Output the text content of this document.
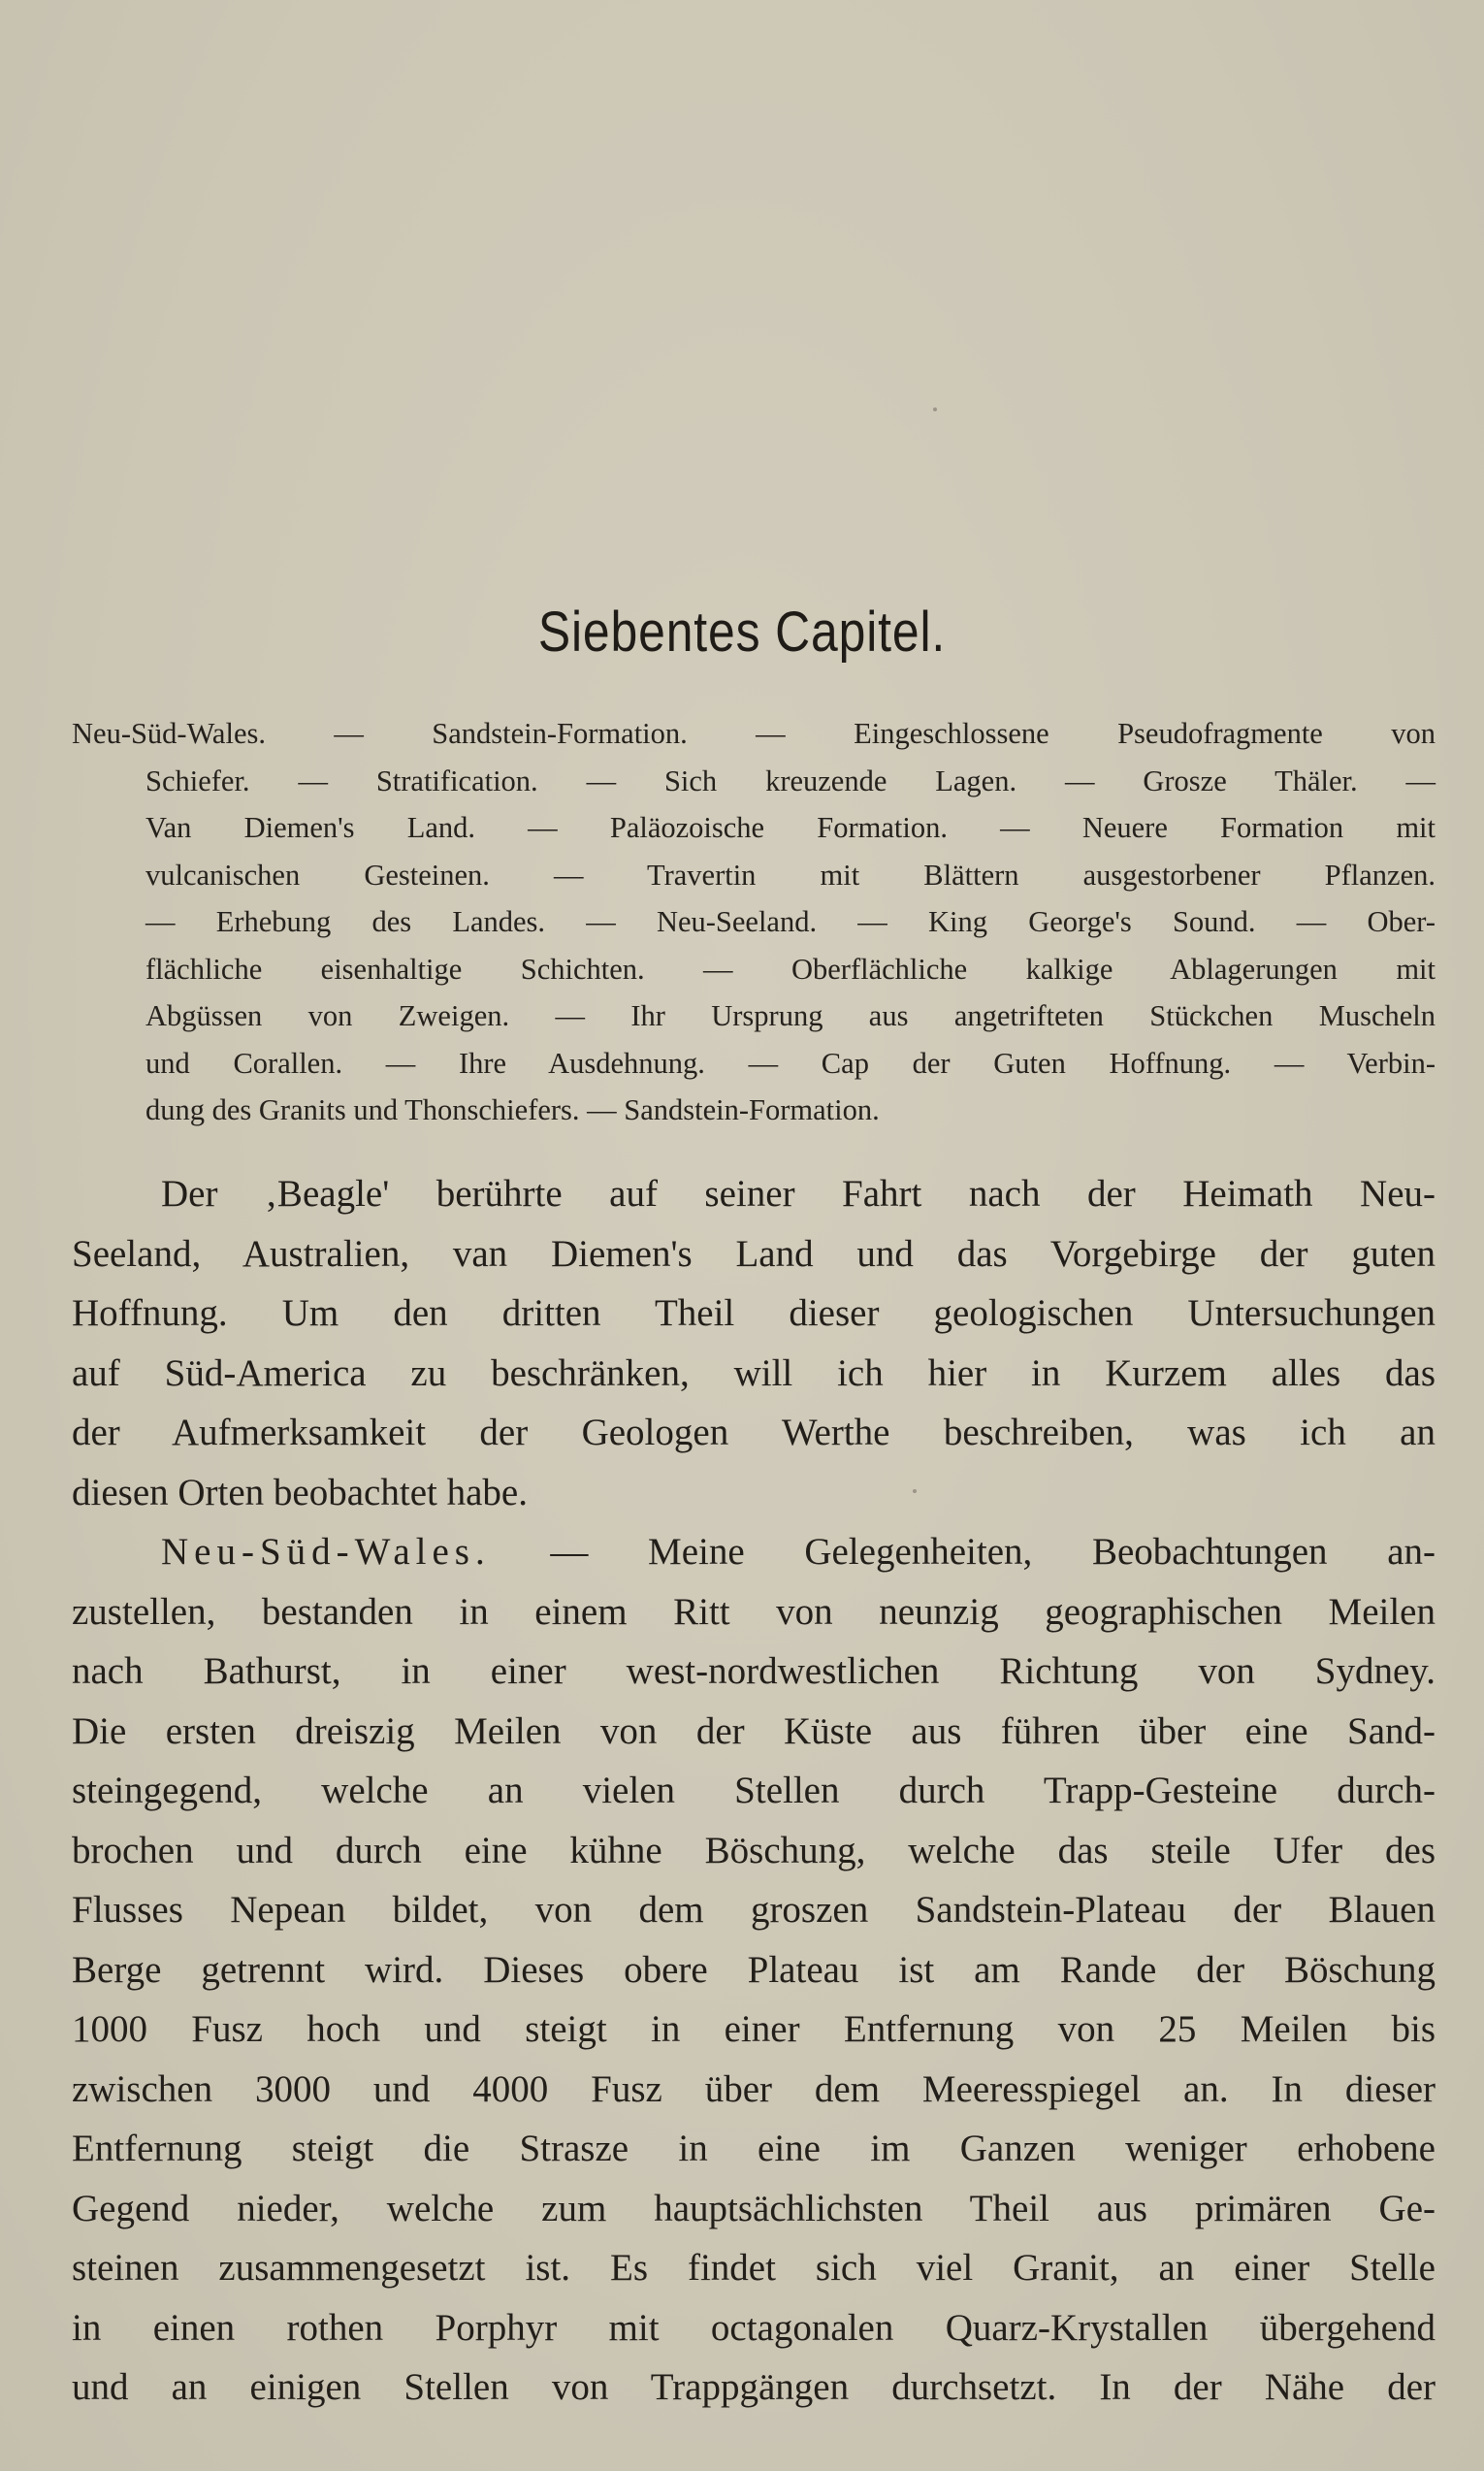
Siebentes Capitel.
Neu-Süd-Wales. — Sandstein-Formation. — Eingeschlossene Pseudofragmente von
Schiefer. — Stratification. — Sich kreuzende Lagen. — Grosze Thäler. —
Van Diemen's Land. — Paläozoische Formation. — Neuere Formation mit
vulcanischen Gesteinen. — Travertin mit Blättern ausgestorbener Pflanzen.
— Erhebung des Landes. — Neu-Seeland. — King George's Sound. — Ober-
flächliche eisenhaltige Schichten. — Oberflächliche kalkige Ablagerungen mit
Abgüssen von Zweigen. — Ihr Ursprung aus angetrifteten Stückchen Muscheln
und Corallen. — Ihre Ausdehnung. — Cap der Guten Hoffnung. — Verbin-
dung des Granits und Thonschiefers. — Sandstein-Formation.
Der ‚Beagle' berührte auf seiner Fahrt nach der Heimath Neu-
Seeland, Australien, van Diemen's Land und das Vorgebirge der guten
Hoffnung. Um den dritten Theil dieser geologischen Untersuchungen
auf Süd-America zu beschränken, will ich hier in Kurzem alles das
der Aufmerksamkeit der Geologen Werthe beschreiben, was ich an
diesen Orten beobachtet habe.
Neu-Süd-Wales. — Meine Gelegenheiten, Beobachtungen an-
zustellen, bestanden in einem Ritt von neunzig geographischen Meilen
nach Bathurst, in einer west-nordwestlichen Richtung von Sydney.
Die ersten dreiszig Meilen von der Küste aus führen über eine Sand-
steingegend, welche an vielen Stellen durch Trapp-Gesteine durch-
brochen und durch eine kühne Böschung, welche das steile Ufer des
Flusses Nepean bildet, von dem groszen Sandstein-Plateau der Blauen
Berge getrennt wird. Dieses obere Plateau ist am Rande der Böschung
1000 Fusz hoch und steigt in einer Entfernung von 25 Meilen bis
zwischen 3000 und 4000 Fusz über dem Meeresspiegel an. In dieser
Entfernung steigt die Strasze in eine im Ganzen weniger erhobene
Gegend nieder, welche zum hauptsächlichsten Theil aus primären Ge-
steinen zusammengesetzt ist. Es findet sich viel Granit, an einer Stelle
in einen rothen Porphyr mit octagonalen Quarz-Krystallen übergehend
und an einigen Stellen von Trappgängen durchsetzt. In der Nähe der
